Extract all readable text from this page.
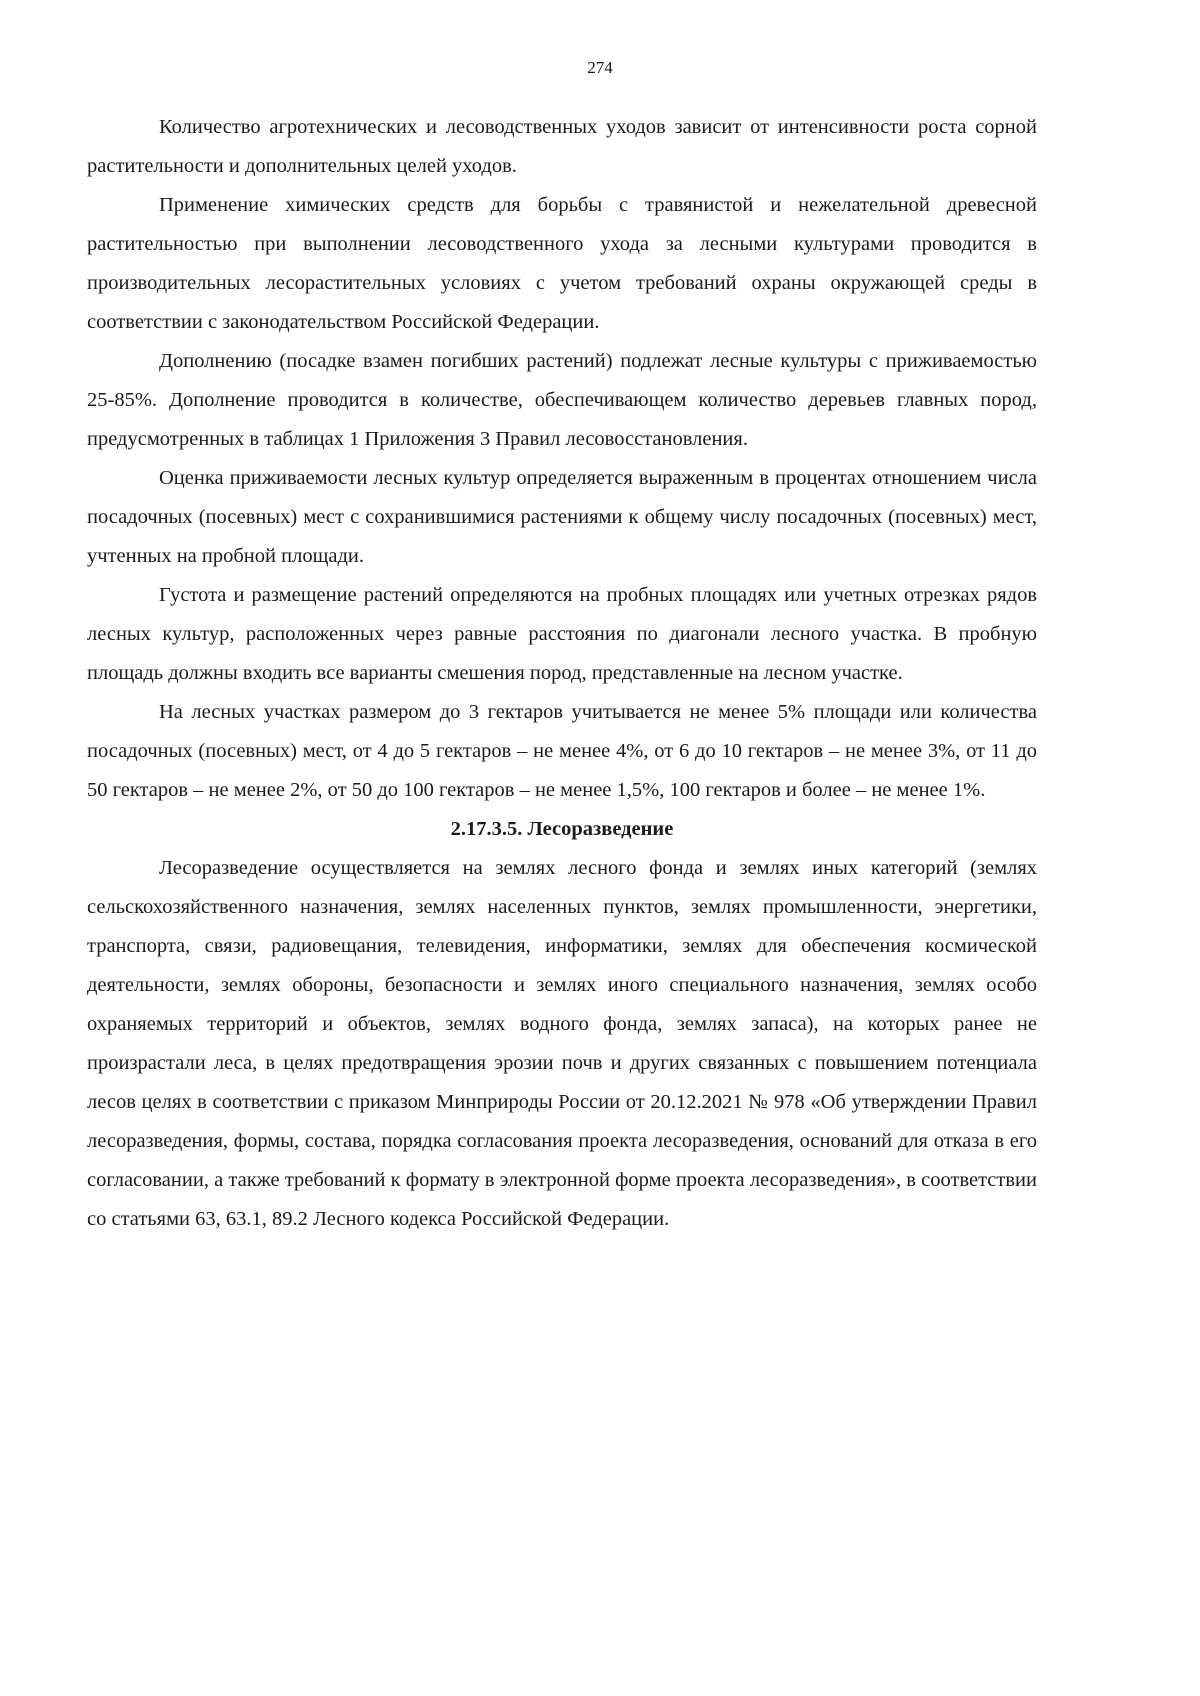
274

Количество агротехнических и лесоводственных уходов зависит от интенсивности роста сорной растительности и дополнительных целей уходов.

Применение химических средств для борьбы с травянистой и нежелательной древесной растительностью при выполнении лесоводственного ухода за лесными культурами проводится в производительных лесорастительных условиях с учетом требований охраны окружающей среды в соответствии с законодательством Российской Федерации.

Дополнению (посадке взамен погибших растений) подлежат лесные культуры с приживаемостью 25-85%. Дополнение проводится в количестве, обеспечивающем количество деревьев главных пород, предусмотренных в таблицах 1 Приложения 3 Правил лесовосстановления.

Оценка приживаемости лесных культур определяется выраженным в процентах отношением числа посадочных (посевных) мест с сохранившимися растениями к общему числу посадочных (посевных) мест, учтенных на пробной площади.

Густота и размещение растений определяются на пробных площадях или учетных отрезках рядов лесных культур, расположенных через равные расстояния по диагонали лесного участка. В пробную площадь должны входить все варианты смешения пород, представленные на лесном участке.

На лесных участках размером до 3 гектаров учитывается не менее 5% площади или количества посадочных (посевных) мест, от 4 до 5 гектаров – не менее 4%, от 6 до 10 гектаров – не менее 3%, от 11 до 50 гектаров – не менее 2%, от 50 до 100 гектаров – не менее 1,5%, 100 гектаров и более – не менее 1%.

2.17.3.5. Лесоразведение

Лесоразведение осуществляется на землях лесного фонда и землях иных категорий (землях сельскохозяйственного назначения, землях населенных пунктов, землях промышленности, энергетики, транспорта, связи, радиовещания, телевидения, информатики, землях для обеспечения космической деятельности, землях обороны, безопасности и землях иного специального назначения, землях особо охраняемых территорий и объектов, землях водного фонда, землях запаса), на которых ранее не произрастали леса, в целях предотвращения эрозии почв и других связанных с повышением потенциала лесов целях в соответствии с приказом Минприроды России от 20.12.2021 № 978 «Об утверждении Правил лесоразведения, формы, состава, порядка согласования проекта лесоразведения, оснований для отказа в его согласовании, а также требований к формату в электронной форме проекта лесоразведения», в соответствии со статьями 63, 63.1, 89.2 Лесного кодекса Российской Федерации.
